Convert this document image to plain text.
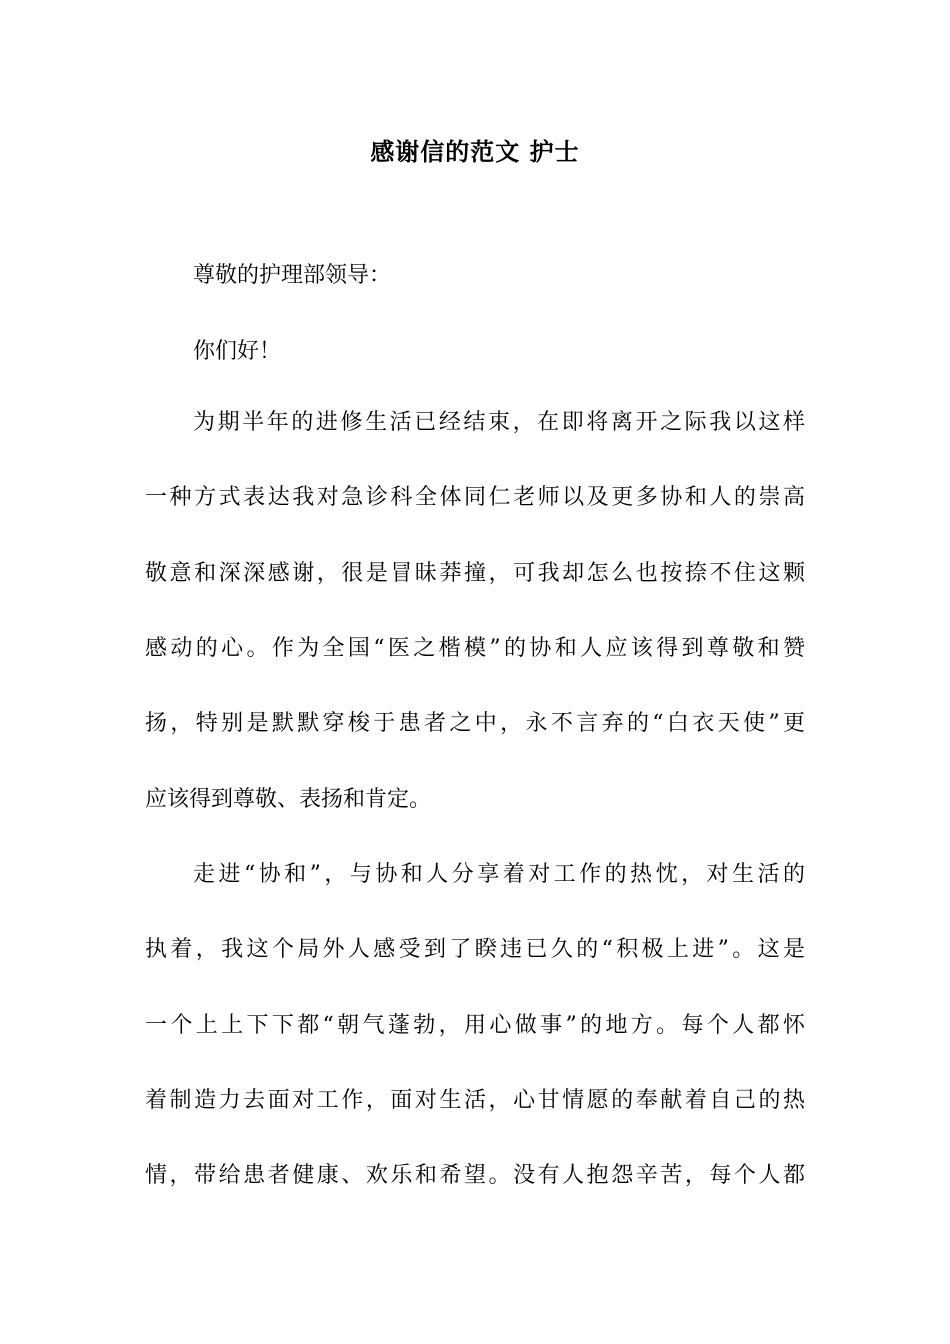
感谢信的范文 护士
尊敬的护理部领导：
你们好！
为期半年的进修生活已经结束，在即将离开之际我以这样
一种方式表达我对急诊科全体同仁老师以及更多协和人的崇高
敬意和深深感谢，很是冒昧莽撞，可我却怎么也按捺不住这颗
感动的心。作为全国“医之楷模”的协和人应该得到尊敬和赞
扬，特别是默默穿梭于患者之中，永不言弃的“白衣天使”更
应该得到尊敬、表扬和肯定。
走进“协和”，与协和人分享着对工作的热忱，对生活的
执着，我这个局外人感受到了睽违已久的“积极上进”。这是
一个上上下下都“朝气蓬勃，用心做事”的地方。每个人都怀
着制造力去面对工作，面对生活，心甘情愿的奉献着自己的热
情，带给患者健康、欢乐和希望。没有人抱怨辛苦，每个人都
